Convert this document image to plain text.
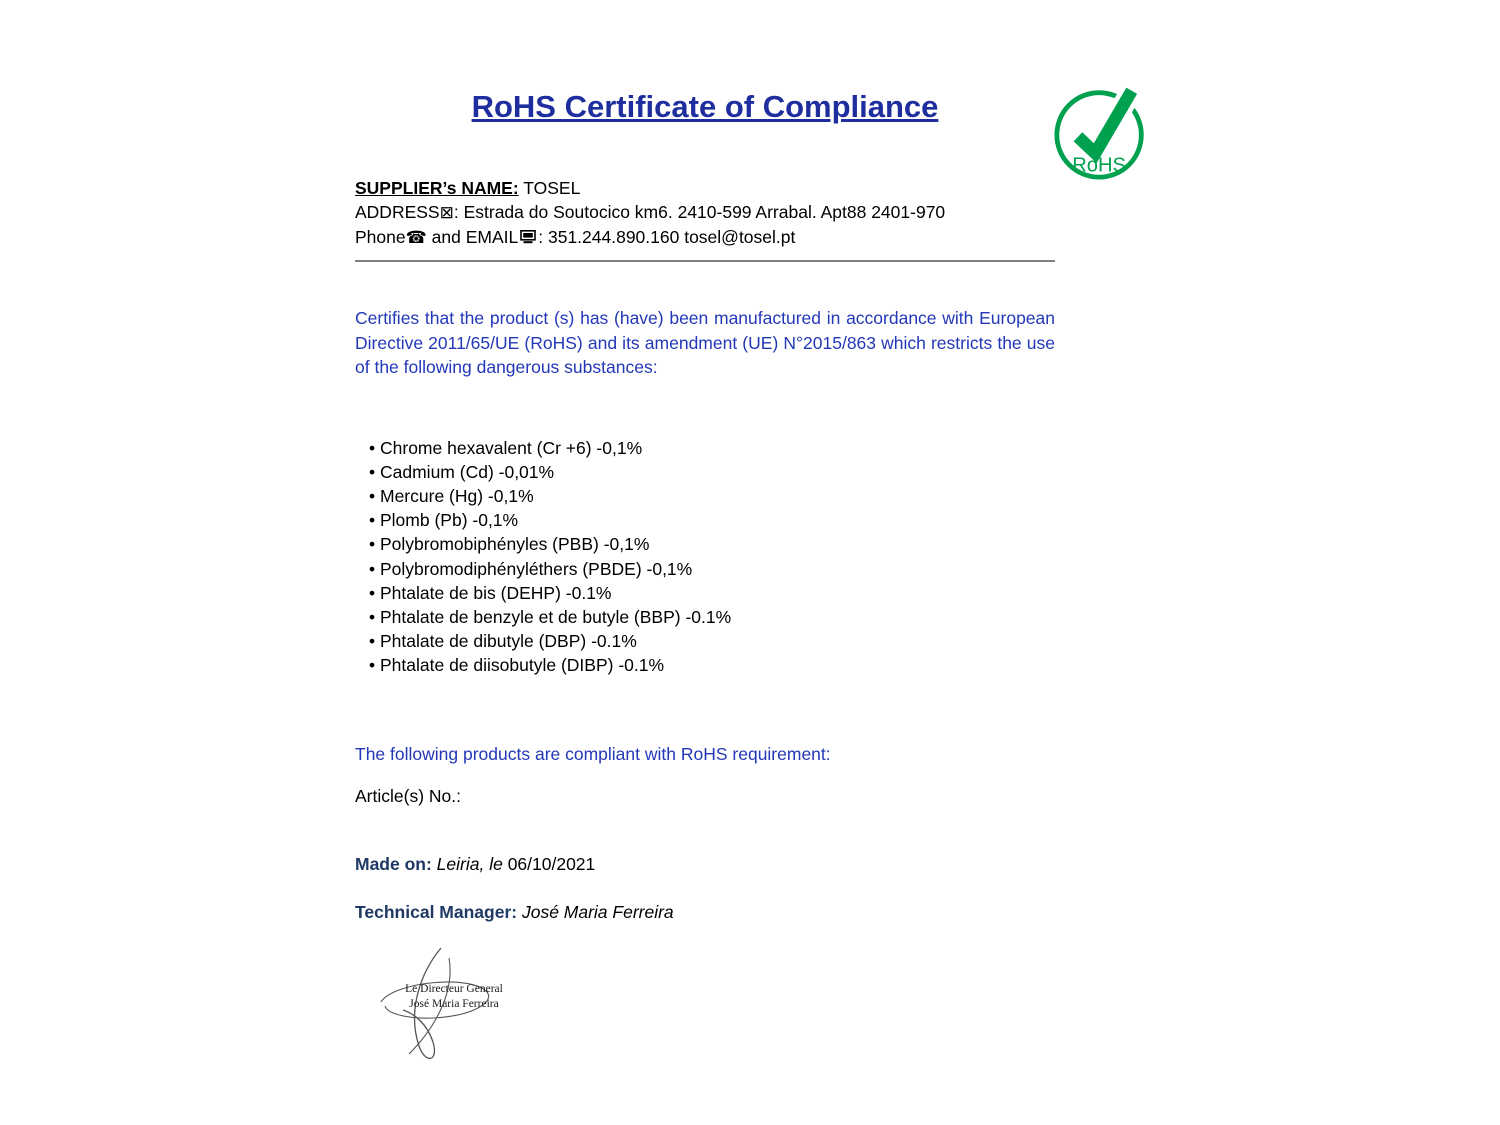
RoHS
RoHS Certificate of Compliance
SUPPLIER’s NAME: TOSEL
ADDRESS⊠: Estrada do Soutocico km6. 2410-599 Arrabal. Apt88 2401-970
Phone☎ and EMAIL : 351.244.890.160 tosel@tosel.pt

Certifies that the product (s) has (have) been manufactured in accordance with European Directive 2011/65/UE (RoHS) and its amendment (UE) N°2015/863 which restricts the use of the following dangerous substances:

• Chrome hexavalent (Cr +6) -0,1%
• Cadmium (Cd) -0,01%
• Mercure (Hg) -0,1%
• Plomb (Pb) -0,1%
• Polybromobiphényles (PBB) -0,1%
• Polybromodiphényléthers (PBDE) -0,1%
• Phtalate de bis (DEHP) -0.1%
• Phtalate de benzyle et de butyle (BBP) -0.1%
• Phtalate de dibutyle (DBP) -0.1%
• Phtalate de diisobutyle (DIBP) -0.1%
The following products are compliant with RoHS requirement:
Article(s) No.:
Made on: Leiria, le 06/10/2021
Technical Manager: José Maria Ferreira
Le Directeur General
José Maria Ferreira
